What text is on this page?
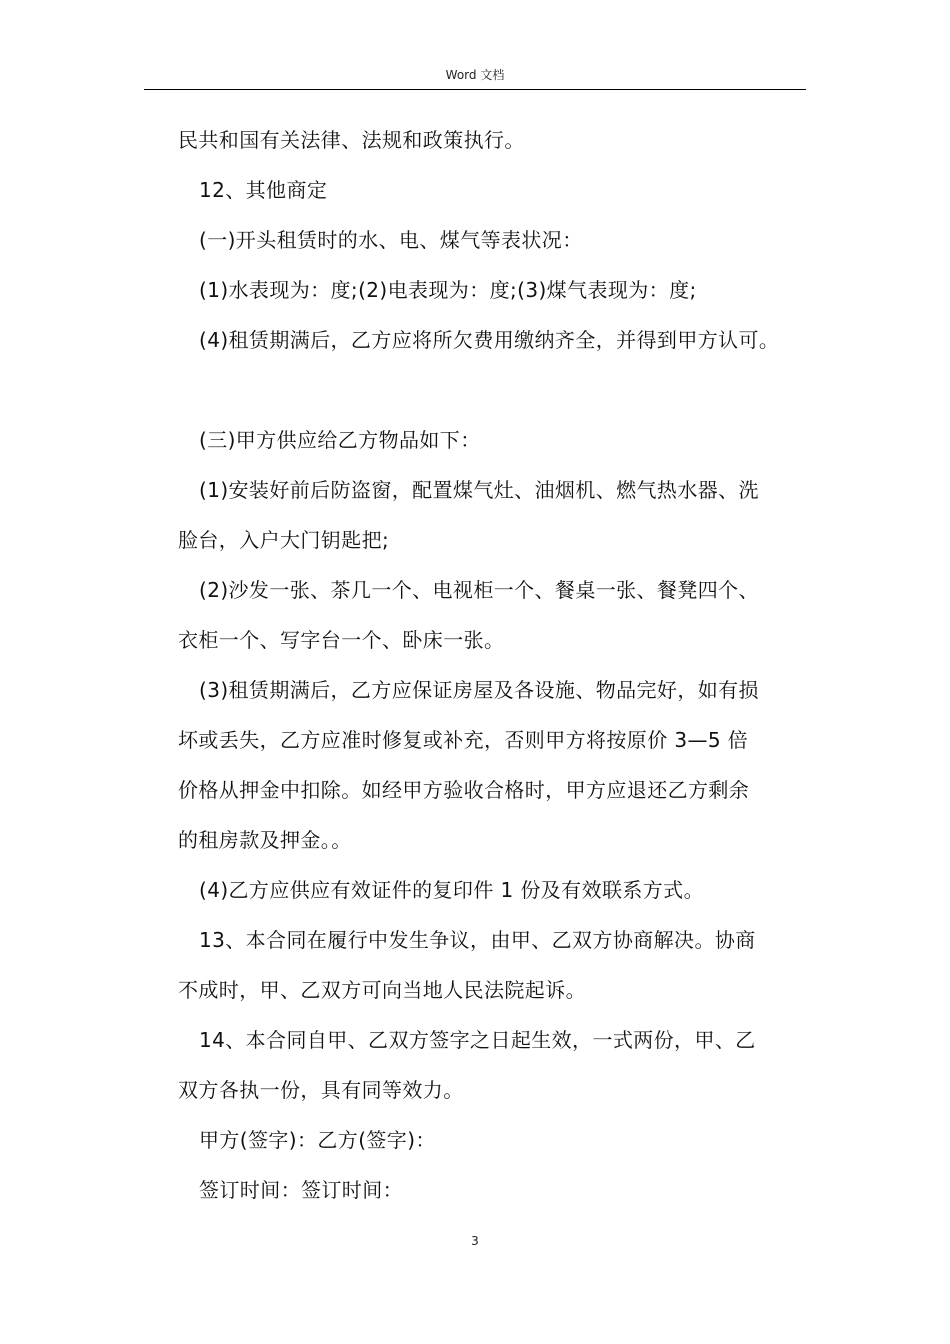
Word 文档
民共和国有关法律、法规和政策执行。
12、其他商定
(一)开头租赁时的水、电、煤气等表状况：
(1)水表现为：度;(2)电表现为：度;(3)煤气表现为：度;
(4)租赁期满后，乙方应将所欠费用缴纳齐全，并得到甲方认可。
(三)甲方供应给乙方物品如下：
(1)安装好前后防盗窗，配置煤气灶、油烟机、燃气热水器、洗
脸台，入户大门钥匙把;
(2)沙发一张、茶几一个、电视柜一个、餐桌一张、餐凳四个、
衣柜一个、写字台一个、卧床一张。
(3)租赁期满后，乙方应保证房屋及各设施、物品完好，如有损
坏或丢失，乙方应准时修复或补充，否则甲方将按原价 3—5 倍
价格从押金中扣除。如经甲方验收合格时，甲方应退还乙方剩余
的租房款及押金。。
(4)乙方应供应有效证件的复印件 1 份及有效联系方式。
13、本合同在履行中发生争议，由甲、乙双方协商解决。协商
不成时，甲、乙双方可向当地人民法院起诉。
14、本合同自甲、乙双方签字之日起生效，一式两份，甲、乙
双方各执一份，具有同等效力。
甲方(签字)：乙方(签字)：
签订时间：签订时间：
3
